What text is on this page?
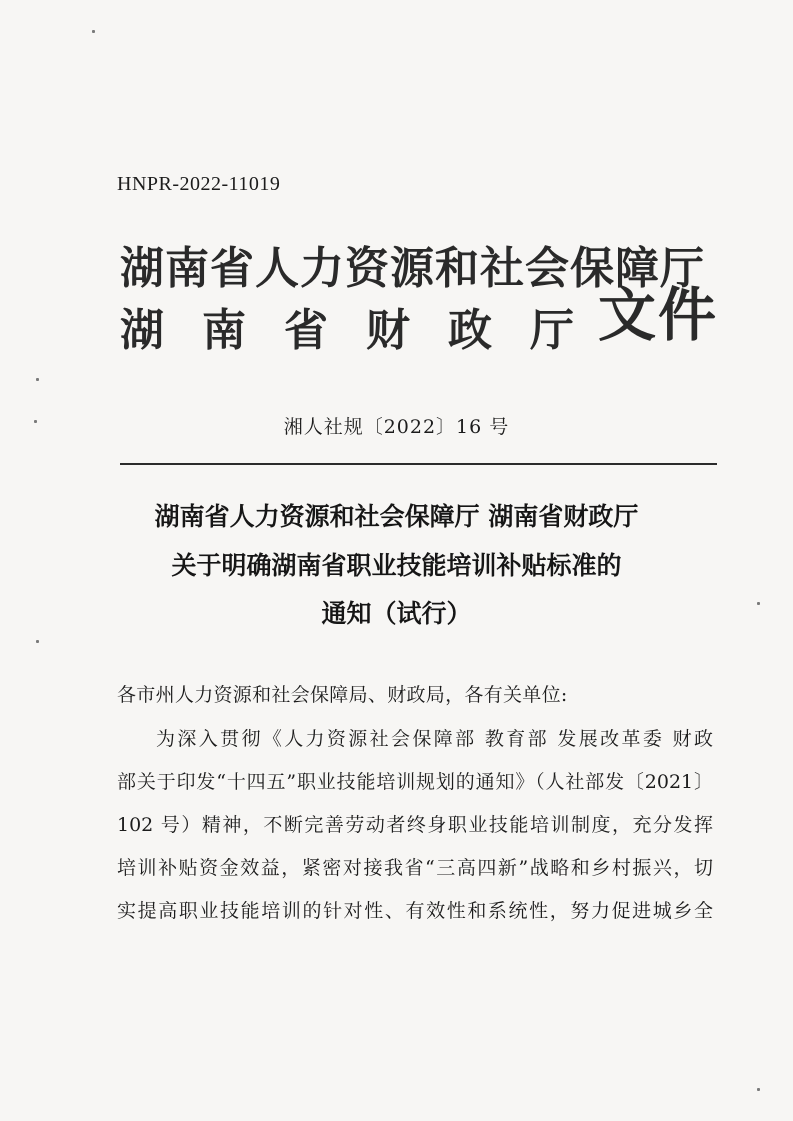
HNPR-2022-11019
湖南省人力资源和社会保障厅
湖南省财政厅
文件
湘人社规〔2022〕16 号
湖南省人力资源和社会保障厅 湖南省财政厅
关于明确湖南省职业技能培训补贴标准的
通知（试行）
各市州人力资源和社会保障局、财政局，各有关单位:
为深入贯彻《人力资源社会保障部 教育部 发展改革委 财政
部关于印发“十四五”职业技能培训规划的通知》（人社部发〔2021〕
102 号）精神，不断完善劳动者终身职业技能培训制度，充分发挥
培训补贴资金效益，紧密对接我省“三高四新”战略和乡村振兴，切
实提高职业技能培训的针对性、有效性和系统性，努力促进城乡全
